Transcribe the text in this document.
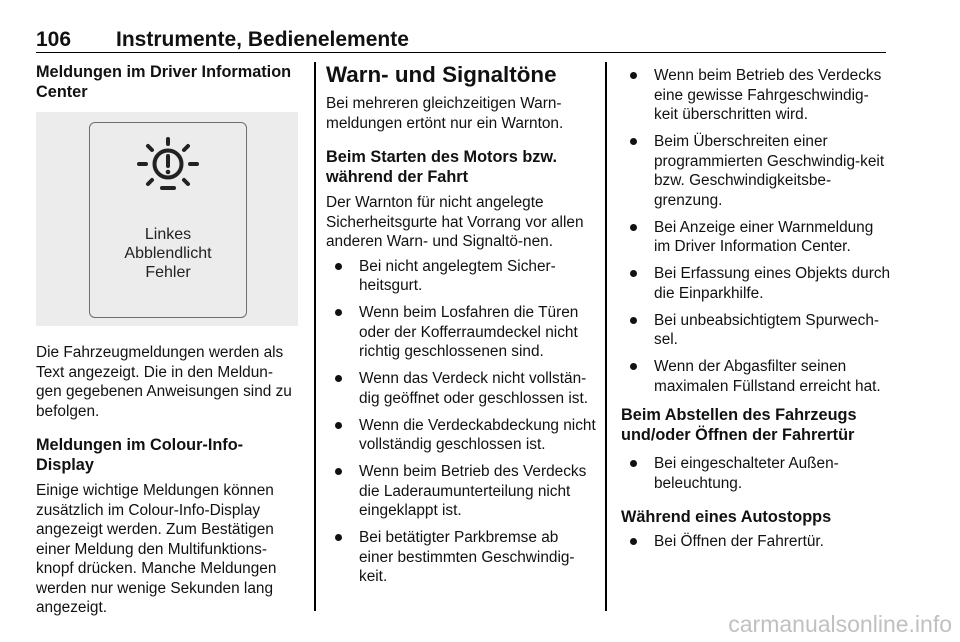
106 Instrumente, Bedienelemente
Meldungen im Driver Information Center
Linkes
Abblendlicht
Fehler

Die Fahrzeugmeldungen werden als Text angezeigt. Die in den Meldun-gen gegebenen Anweisungen sind zu befolgen.

Meldungen im Colour-Info-Display

Einige wichtige Meldungen können zusätzlich im Colour-Info-Display angezeigt werden. Zum Bestätigen einer Meldung den Multifunktions-knopf drücken. Manche Meldungen werden nur wenige Sekunden lang angezeigt.

Warn- und Signaltöne

Bei mehreren gleichzeitigen Warn-meldungen ertönt nur ein Warnton.

Beim Starten des Motors bzw. während der Fahrt

Der Warnton für nicht angelegte Sicherheitsgurte hat Vorrang vor allen anderen Warn- und Signaltö-nen.

Bei nicht angelegtem Sicher-heitsgurt.
Wenn beim Losfahren die Türen oder der Kofferraumdeckel nicht richtig geschlossenen sind.
Wenn das Verdeck nicht vollstän-dig geöffnet oder geschlossen ist.
Wenn die Verdeckabdeckung nicht vollständig geschlossen ist.
Wenn beim Betrieb des Verdecks die Laderaumunterteilung nicht eingeklappt ist.
Bei betätigter Parkbremse ab einer bestimmten Geschwindig-keit.
Wenn beim Betrieb des Verdecks eine gewisse Fahrgeschwindig-keit überschritten wird.
Beim Überschreiten einer programmierten Geschwindig-keit bzw. Geschwindigkeitsbe-grenzung.
Bei Anzeige einer Warnmeldung im Driver Information Center.
Bei Erfassung eines Objekts durch die Einparkhilfe.
Bei unbeabsichtigtem Spurwech-sel.
Wenn der Abgasfilter seinen maximalen Füllstand erreicht hat.
Beim Abstellen des Fahrzeugs und/oder Öffnen der Fahrertür
Bei eingeschalteter Außen-beleuchtung.
Während eines Autostopps
Bei Öffnen der Fahrertür.
carmanualsonline.info
